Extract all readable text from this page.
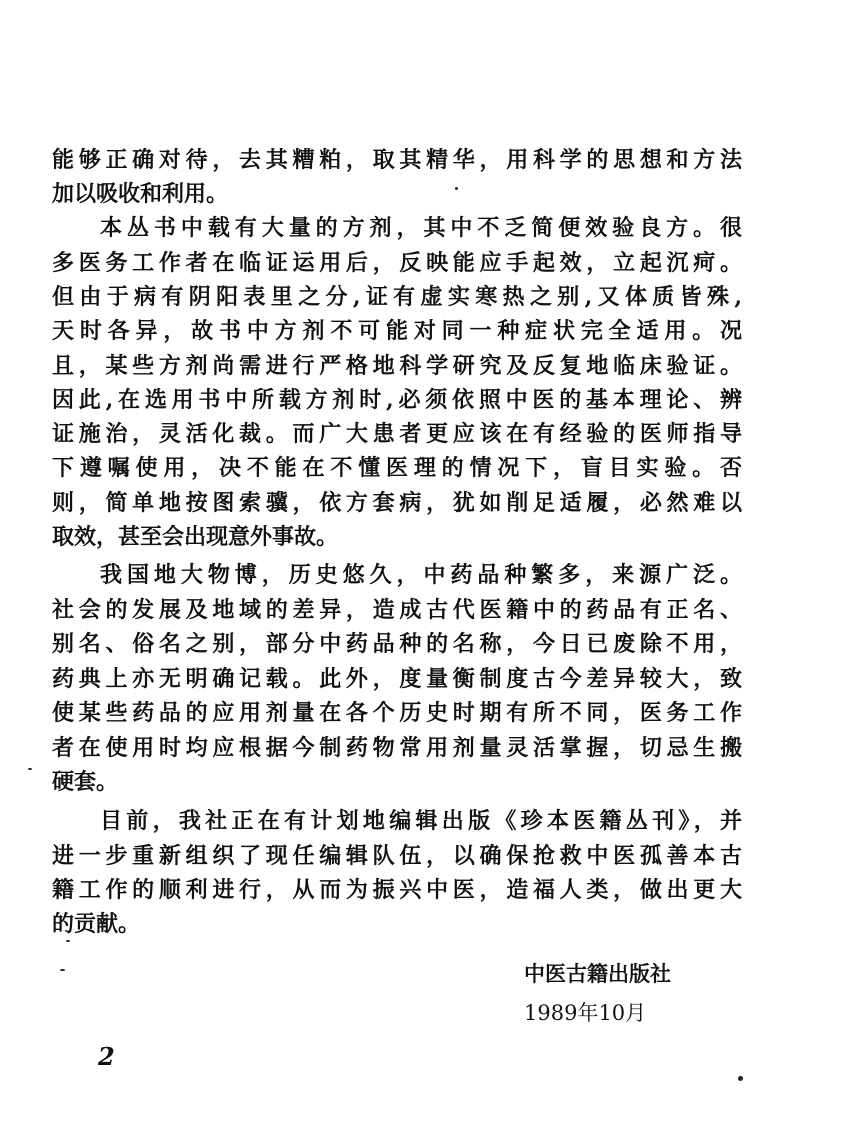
能够正确对待，去其糟粕，取其精华，用科学的思想和方法
加以吸收和利用。
本丛书中载有大量的方剂，其中不乏简便效验良方。很
多医务工作者在临证运用后，反映能应手起效，立起沉疴。
但由于病有阴阳表里之分,证有虚实寒热之别,又体质皆殊,
天时各异，故书中方剂不可能对同一种症状完全适用。况
且，某些方剂尚需进行严格地科学研究及反复地临床验证。
因此,在选用书中所载方剂时,必须依照中医的基本理论、辨
证施治，灵活化裁。而广大患者更应该在有经验的医师指导
下遵嘱使用，决不能在不懂医理的情况下，盲目实验。否
则，简单地按图索骥，依方套病，犹如削足适履，必然难以
取效，甚至会出现意外事故。
我国地大物博，历史悠久，中药品种繁多，来源广泛。
社会的发展及地域的差异，造成古代医籍中的药品有正名、
别名、俗名之别，部分中药品种的名称，今日已废除不用，
药典上亦无明确记载。此外，度量衡制度古今差异较大，致
使某些药品的应用剂量在各个历史时期有所不同，医务工作
者在使用时均应根据今制药物常用剂量灵活掌握，切忌生搬
硬套。
目前，我社正在有计划地编辑出版《珍本医籍丛刊》，并
进一步重新组织了现任编辑队伍，以确保抢救中医孤善本古
籍工作的顺利进行，从而为振兴中医，造福人类，做出更大
的贡献。
中医古籍出版社
1989年10月
2
